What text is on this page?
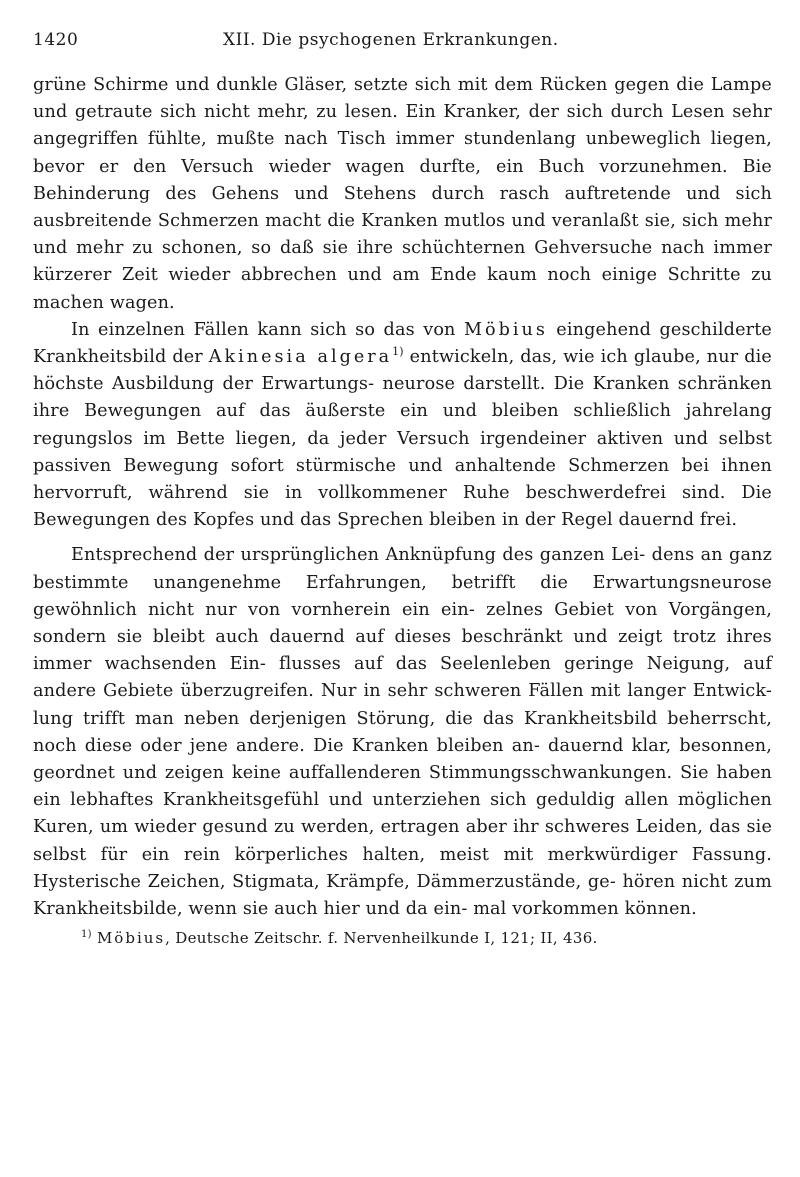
1420	XII. Die psychogenen Erkrankungen.

grüne Schirme und dunkle Gläser, setzte sich mit dem Rücken gegen die Lampe und getraute sich nicht mehr, zu lesen. Ein Kranker, der sich durch Lesen sehr angegriffen fühlte, mußte nach Tisch immer stundenlang unbeweglich liegen, bevor er den Versuch wieder wagen durfte, ein Buch vorzunehmen. Bie Behinderung des Gehens und Stehens durch rasch auftretende und sich ausbreitende Schmerzen macht die Kranken mutlos und veranlaßt sie, sich mehr und mehr zu schonen, so daß sie ihre schüchternen Gehversuche nach immer kürzerer Zeit wieder abbrechen und am Ende kaum noch einige Schritte zu machen wagen.

In einzelnen Fällen kann sich so das von Möbius eingehend geschilderte Krankheitsbild der Akinesia algera$^{1)}$ entwickeln, das, wie ich glaube, nur die höchste Ausbildung der Erwartungs- neurose darstellt. Die Kranken schränken ihre Bewegungen auf das äußerste ein und bleiben schließlich jahrelang regungslos im Bette liegen, da jeder Versuch irgendeiner aktiven und selbst passiven Bewegung sofort stürmische und anhaltende Schmerzen bei ihnen hervorruft, während sie in vollkommener Ruhe beschwerdefrei sind. Die Bewegungen des Kopfes und das Sprechen bleiben in der Regel dauernd frei.

Entsprechend der ursprünglichen Anknüpfung des ganzen Lei- dens an ganz bestimmte unangenehme Erfahrungen, betrifft die Erwartungsneurose gewöhnlich nicht nur von vornherein ein ein- zelnes Gebiet von Vorgängen, sondern sie bleibt auch dauernd auf dieses beschränkt und zeigt trotz ihres immer wachsenden Ein- flusses auf das Seelenleben geringe Neigung, auf andere Gebiete überzugreifen. Nur in sehr schweren Fällen mit langer Entwick- lung trifft man neben derjenigen Störung, die das Krankheitsbild beherrscht, noch diese oder jene andere. Die Kranken bleiben an- dauernd klar, besonnen, geordnet und zeigen keine auffallenderen Stimmungsschwankungen. Sie haben ein lebhaftes Krankheitsgefühl und unterziehen sich geduldig allen möglichen Kuren, um wieder gesund zu werden, ertragen aber ihr schweres Leiden, das sie selbst für ein rein körperliches halten, meist mit merkwürdiger Fassung. Hysterische Zeichen, Stigmata, Krämpfe, Dämmerzustände, ge- hören nicht zum Krankheitsbilde, wenn sie auch hier und da ein- mal vorkommen können.

$^{1)}$ Möbius, Deutsche Zeitschr. f. Nervenheilkunde I, 121; II, 436.
